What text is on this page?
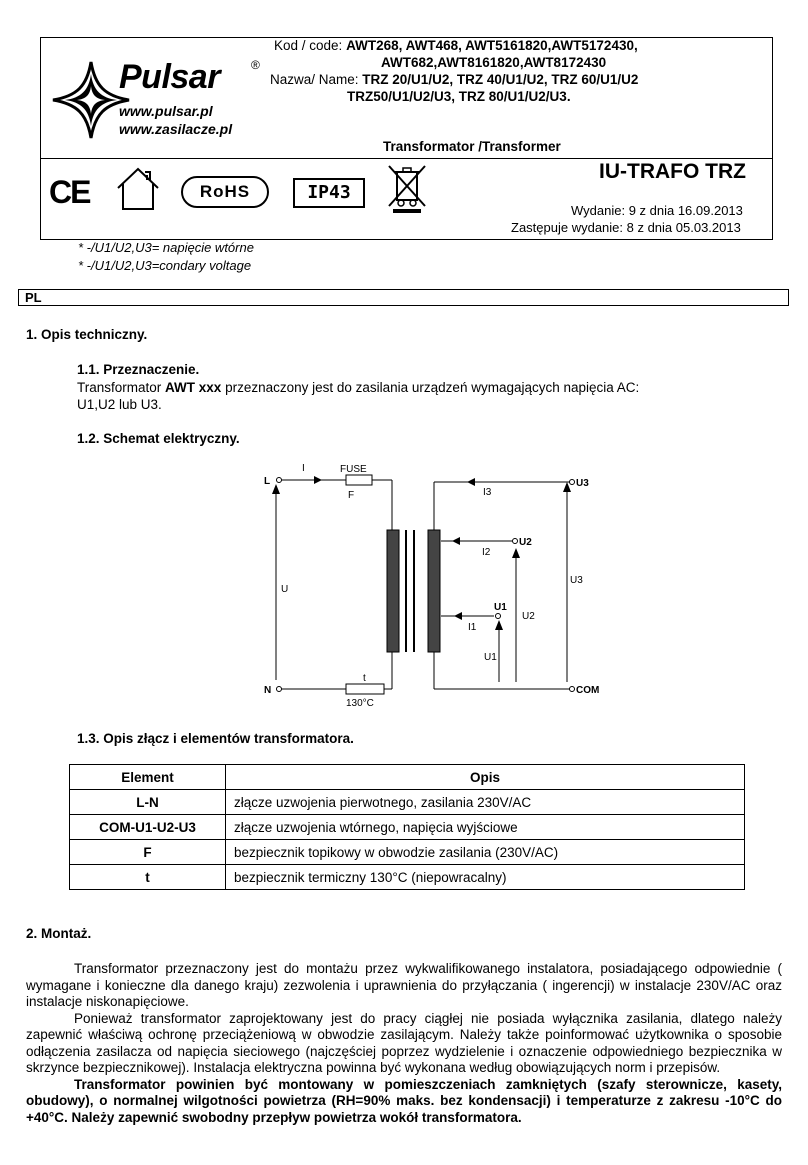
Pulsar	®
www.pulsar.pl
www.zasilacze.pl
Kod / code: AWT268, AWT468, AWT5161820,AWT5172430,
AWT682,AWT8161820,AWT8172430
Nazwa/ Name: TRZ 20/U1/U2, TRZ 40/U1/U2, TRZ 60/U1/U2
TRZ50/U1/U2/U3, TRZ 80/U1/U2/U3.
Transformator /Transformer
CE	RoHS	IP43
IU-TRAFO TRZ
Wydanie: 9 z dnia 16.09.2013
Zastępuje wydanie: 8 z dnia 05.03.2013
* -/U1/U2,U3= napięcie wtórne
* -/U1/U2,U3=condary voltage
PL
1. Opis techniczny.
1.1. Przeznaczenie.
Transformator AWT xxx przeznaczony jest do zasilania urządzeń wymagających napięcia AC:
U1,U2 lub U3.
1.2. Schemat elektryczny.
L
N
I	FUSE
F
U
t
130°C
U3
U2
U1
I3
I2
I1
U3
U2
U1
COM
1.3. Opis złącz i elementów transformatora.
Element	Opis
L-N	złącze uzwojenia pierwotnego, zasilania 230V/AC
COM-U1-U2-U3	złącze uzwojenia wtórnego, napięcia wyjściowe
F	bezpiecznik topikowy w obwodzie zasilania (230V/AC)
t	bezpiecznik termiczny 130°C (niepowracalny)
2. Montaż.

Transformator przeznaczony jest do montażu przez wykwalifikowanego instalatora, posiadającego odpowiednie ( wymagane i konieczne dla danego kraju) zezwolenia i uprawnienia do przyłączania ( ingerencji) w instalacje 230V/AC oraz instalacje niskonapięciowe.

Ponieważ transformator zaprojektowany jest do pracy ciągłej nie posiada wyłącznika zasilania, dlatego należy zapewnić właściwą ochronę przeciążeniową w obwodzie zasilającym. Należy także poinformować użytkownika o sposobie odłączenia zasilacza od napięcia sieciowego (najczęściej poprzez wydzielenie i oznaczenie odpowiedniego bezpiecznika w skrzynce bezpiecznikowej). Instalacja elektryczna powinna być wykonana według obowiązujących norm i przepisów.

Transformator powinien być montowany w pomieszczeniach zamkniętych (szafy sterownicze, kasety, obudowy), o normalnej wilgotności powietrza (RH=90% maks. bez kondensacji) i temperaturze z zakresu -10°C do +40°C. Należy zapewnić swobodny przepływ powietrza wokół transformatora.
